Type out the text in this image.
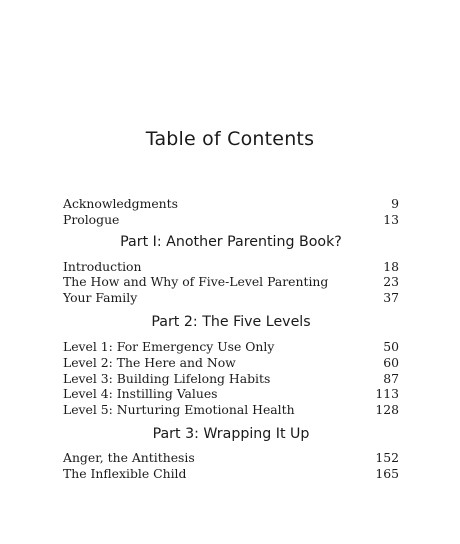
Table of Contents
Acknowledgments	9
Prologue	13
Part I: Another Parenting Book?
Introduction	18
The How and Why of Five-Level Parenting	23
Your Family	37
Part 2: The Five Levels
Level 1: For Emergency Use Only	50
Level 2: The Here and Now	60
Level 3: Building Lifelong Habits	87
Level 4: Instilling Values	113
Level 5: Nurturing Emotional Health	128
Part 3: Wrapping It Up
Anger, the Antithesis	152
The Inflexible Child	165
